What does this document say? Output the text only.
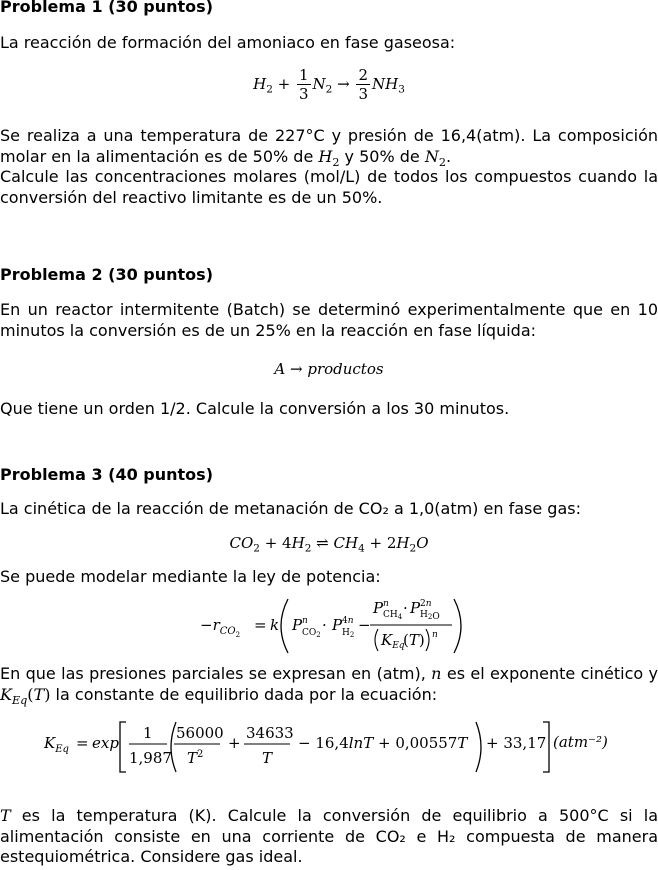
Problema 1 (30 puntos)

La reacción de formación del amoniaco en fase gaseosa:

$H_2 + \frac{1}{3} N_2 \to \frac{2}{3} NH_3$

Se realiza a una temperatura de 227°C y presión de 16,4(atm). La composición molar en la alimentación es de 50% de $H_2$ y 50% de $N_2$.
Calcule las concentraciones molares (mol/L) de todos los compuestos cuando la conversión del reactivo limitante es de un 50%.

Problema 2 (30 puntos)

En un reactor intermitente (Batch) se determinó experimentalmente que en 10 minutos la conversión es de un 25% en la reacción en fase líquida:

A → productos

Que tiene un orden 1/2. Calcule la conversión a los 30 minutos.

Problema 3 (40 puntos)

La cinética de la reacción de metanación de CO₂ a 1,0(atm) en fase gas:

$CO_2 + 4H_2$ ⇌ $CH_4 + 2H_2O$

Se puede modelar mediante la ley de potencia:

$-r_{CO2}$
= k P n
$CO_2$
· P 4n
$H_2$
−
P n
$CH_4 \cdot P$ 2n
$H_2O$
$K_{Eq}$
(T) n

En que las presiones parciales se expresan en (atm), n es el exponente cinético y $K_{Eq}(T)$ la constante de equilibrio dada por la ecuación:

$K_{Eq} = \exp$
1
1,987
56000
$T^2$
+
34633
T
− 16,4lnT + 0,00557T + 33,17 (atm⁻²)

T es la temperatura (K). Calcule la conversión de equilibrio a 500°C si la alimentación consiste en una corriente de CO₂ e H₂ compuesta de manera estequiométrica. Considere gas ideal.
